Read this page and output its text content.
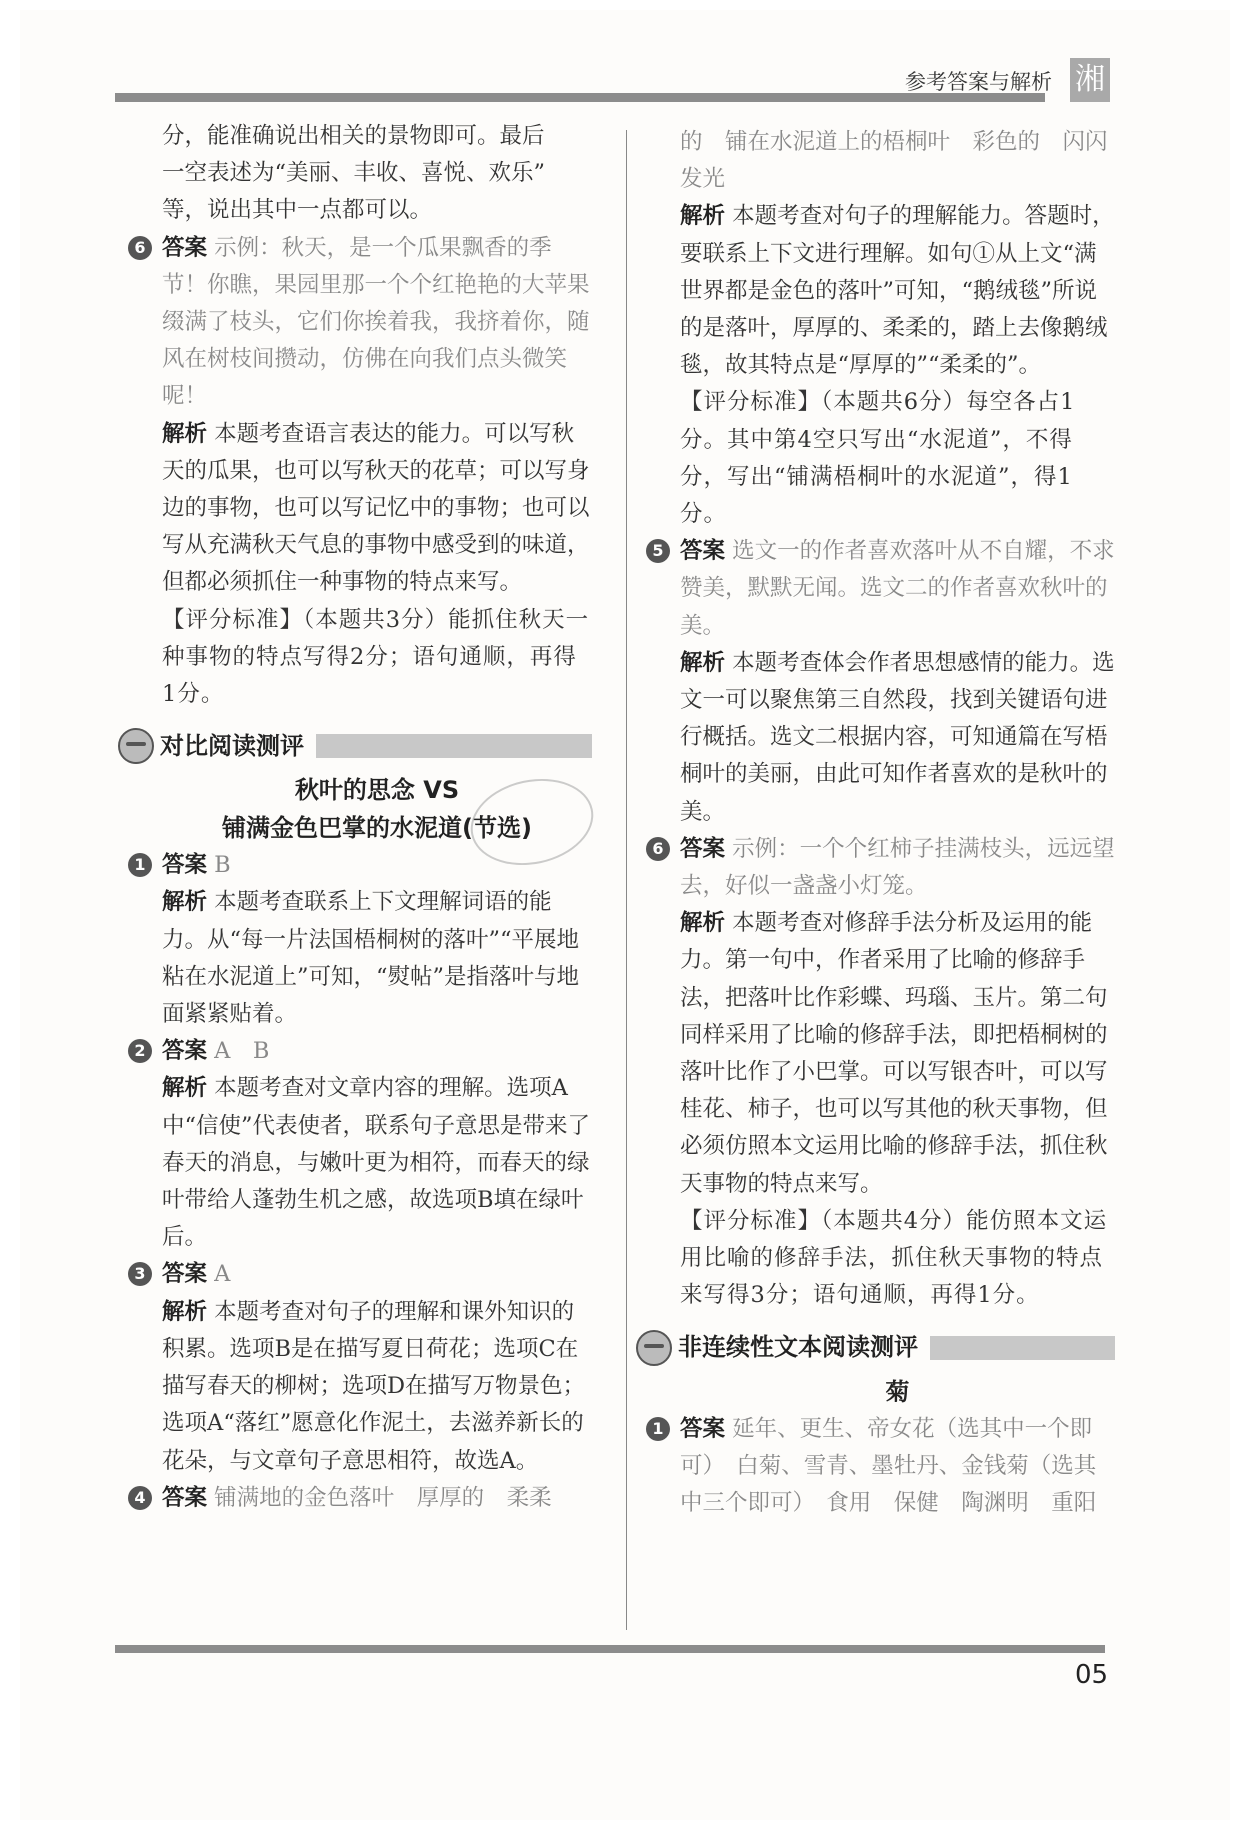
参考答案与解析 湘

分，能准确说出相关的景物即可。最后

一空表述为“美丽、丰收、喜悦、欢乐”

等，说出其中一点都可以。

6 答案 示例：秋天，是一个瓜果飘香的季节！你瞧，果园里那一个个红艳艳的大苹果缀满了枝头，它们你挨着我，我挤着你，随风在树枝间攒动，仿佛在向我们点头微笑呢！

解析 本题考查语言表达的能力。可以写秋天的瓜果，也可以写秋天的花草；可以写身边的事物，也可以写记忆中的事物；也可以写从充满秋天气息的事物中感受到的味道，但都必须抓住一种事物的特点来写。

【评分标准】（本题共3分）能抓住秋天一种事物的特点写得2分；语句通顺，再得1分。

对比阅读测评
秋叶的思念 VS
铺满金色巴掌的水泥道(节选)
1 答案 B

解析 本题考查联系上下文理解词语的能力。从“每一片法国梧桐树的落叶”“平展地粘在水泥道上”可知，“熨帖”是指落叶与地面紧紧贴着。

2 答案 A　B

解析 本题考查对文章内容的理解。选项A中“信使”代表使者，联系句子意思是带来了春天的消息，与嫩叶更为相符，而春天的绿叶带给人蓬勃生机之感，故选项B填在绿叶后。

3 答案 A

解析 本题考查对句子的理解和课外知识的积累。选项B是在描写夏日荷花；选项C在描写春天的柳树；选项D在描写万物景色；选项A“落红”愿意化作泥土，去滋养新长的花朵，与文章句子意思相符，故选A。

4 答案 铺满地的金色落叶　厚厚的　柔柔

的　铺在水泥道上的梧桐叶　彩色的　闪闪发光

解析 本题考查对句子的理解能力。答题时，要联系上下文进行理解。如句①从上文“满世界都是金色的落叶”可知，“鹅绒毯”所说的是落叶，厚厚的、柔柔的，踏上去像鹅绒毯，故其特点是“厚厚的”“柔柔的”。

【评分标准】（本题共6分）每空各占1分。其中第4空只写出“水泥道”，不得分，写出“铺满梧桐叶的水泥道”，得1分。

5 答案 选文一的作者喜欢落叶从不自耀，不求赞美，默默无闻。选文二的作者喜欢秋叶的美。

解析 本题考查体会作者思想感情的能力。选文一可以聚焦第三自然段，找到关键语句进行概括。选文二根据内容，可知通篇在写梧桐叶的美丽，由此可知作者喜欢的是秋叶的美。

6 答案 示例：一个个红柿子挂满枝头，远远望去，好似一盏盏小灯笼。

解析 本题考查对修辞手法分析及运用的能力。第一句中，作者采用了比喻的修辞手法，把落叶比作彩蝶、玛瑙、玉片。第二句同样采用了比喻的修辞手法，即把梧桐树的落叶比作了小巴掌。可以写银杏叶，可以写桂花、柿子，也可以写其他的秋天事物，但必须仿照本文运用比喻的修辞手法，抓住秋天事物的特点来写。

【评分标准】（本题共4分）能仿照本文运用比喻的修辞手法，抓住秋天事物的特点来写得3分；语句通顺，再得1分。

非连续性文本阅读测评
菊
1 答案 延年、更生、帝女花（选其中一个即可）　白菊、雪青、墨牡丹、金钱菊（选其中三个即可）　食用　保健　陶渊明　重阳

05
